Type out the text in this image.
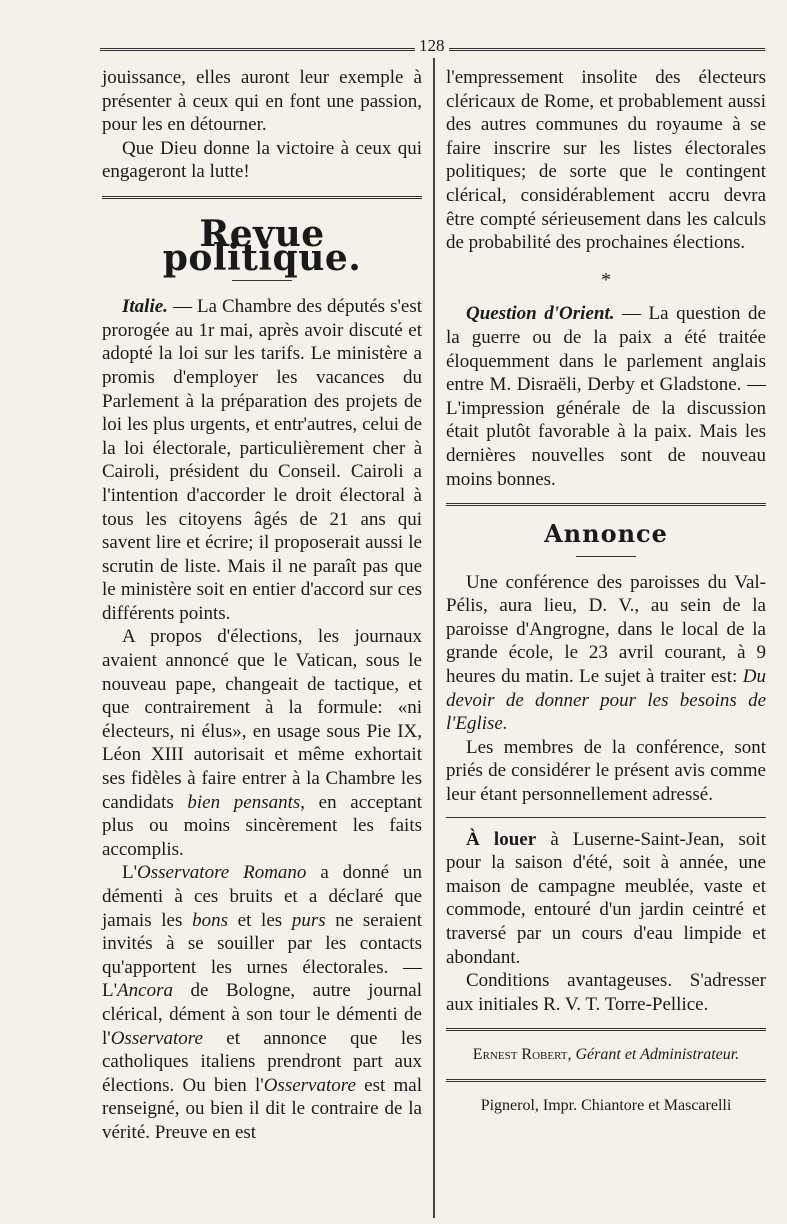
128

jouissance, elles auront leur exemple à présenter à ceux qui en font une passion, pour les en détourner.

Que Dieu donne la victoire à ceux qui engageront la lutte!

Revue politique.

Italie. — La Chambre des députés s'est prorogée au 1r mai, après avoir discuté et adopté la loi sur les tarifs. Le ministère a promis d'employer les vacances du Parlement à la préparation des projets de loi les plus urgents, et entr'autres, celui de la loi électorale, particulièrement cher à Cairoli, président du Conseil. Cairoli a l'intention d'accorder le droit électoral à tous les citoyens âgés de 21 ans qui savent lire et écrire; il proposerait aussi le scrutin de liste. Mais il ne paraît pas que le ministère soit en entier d'accord sur ces différents points.

A propos d'élections, les journaux avaient annoncé que le Vatican, sous le nouveau pape, changeait de tactique, et que contrairement à la formule: «ni électeurs, ni élus», en usage sous Pie IX, Léon XIII autorisait et même exhortait ses fidèles à faire entrer à la Chambre les candidats bien pensants, en acceptant plus ou moins sincèrement les faits accomplis.

L'Osservatore Romano a donné un démenti à ces bruits et a déclaré que jamais les bons et les purs ne seraient invités à se souiller par les contacts qu'apportent les urnes électorales. — L'Ancora de Bologne, autre journal clérical, dément à son tour le démenti de l'Osservatore et annonce que les catholiques italiens prendront part aux élections. Ou bien l'Osservatore est mal renseigné, ou bien il dit le contraire de la vérité. Preuve en est

l'empressement insolite des électeurs cléricaux de Rome, et probablement aussi des autres communes du royaume à se faire inscrire sur les listes électorales politiques; de sorte que le contingent clérical, considérablement accru devra être compté sérieusement dans les calculs de probabilité des prochaines élections.

*

Question d'Orient. — La question de la guerre ou de la paix a été traitée éloquemment dans le parlement anglais entre M. Disraëli, Derby et Gladstone. — L'impression générale de la discussion était plutôt favorable à la paix. Mais les dernières nouvelles sont de nouveau moins bonnes.

Annonce

Une conférence des paroisses du Val-Pélis, aura lieu, D. V., au sein de la paroisse d'Angrogne, dans le local de la grande école, le 23 avril courant, à 9 heures du matin. Le sujet à traiter est: Du devoir de donner pour les besoins de l'Eglise.

Les membres de la conférence, sont priés de considérer le présent avis comme leur étant personnellement adressé.

À louer à Luserne-Saint-Jean, soit pour la saison d'été, soit à année, une maison de campagne meublée, vaste et commode, entouré d'un jardin ceintré et traversé par un cours d'eau limpide et abondant.

Conditions avantageuses. S'adresser aux initiales R. V. T. Torre-Pellice.

Ernest Robert, Gérant et Administrateur.

Pignerol, Impr. Chiantore et Mascarelli
